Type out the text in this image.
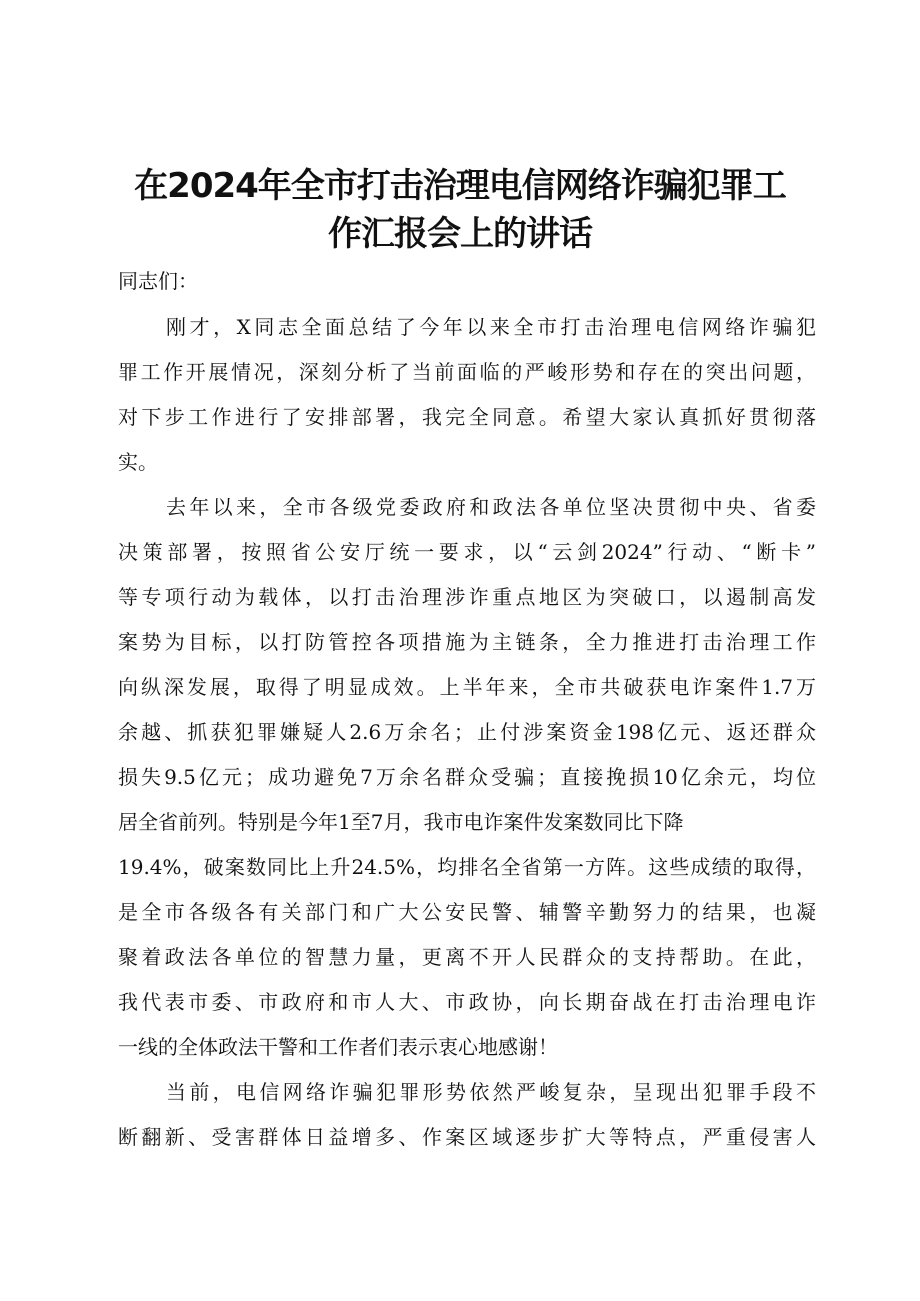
在2024年全市打击治理电信网络诈骗犯罪工
作汇报会上的讲话

同志们：

刚才，X同志全面总结了今年以来全市打击治理电信网络诈骗犯

罪工作开展情况，深刻分析了当前面临的严峻形势和存在的突出问题，

对下步工作进行了安排部署，我完全同意。希望大家认真抓好贯彻落

实。

去年以来，全市各级党委政府和政法各单位坚决贯彻中央、省委

决策部署，按照省公安厅统一要求，以“云剑2024”行动、“断卡”

等专项行动为载体，以打击治理涉诈重点地区为突破口，以遏制高发

案势为目标，以打防管控各项措施为主链条，全力推进打击治理工作

向纵深发展，取得了明显成效。上半年来，全市共破获电诈案件1.7万

余越、抓获犯罪嫌疑人2.6万余名；止付涉案资金198亿元、返还群众

损失9.5亿元；成功避免7万余名群众受骗；直接挽损10亿余元，均位

居全省前列。特别是今年1至7月，我市电诈案件发案数同比下降

19.4%，破案数同比上升24.5%，均排名全省第一方阵。这些成绩的取得，

是全市各级各有关部门和广大公安民警、辅警辛勤努力的结果，也凝

聚着政法各单位的智慧力量，更离不开人民群众的支持帮助。在此，

我代表市委、市政府和市人大、市政协，向长期奋战在打击治理电诈

一线的全体政法干警和工作者们表示衷心地感谢！

当前，电信网络诈骗犯罪形势依然严峻复杂，呈现出犯罪手段不

断翻新、受害群体日益增多、作案区域逐步扩大等特点，严重侵害人
